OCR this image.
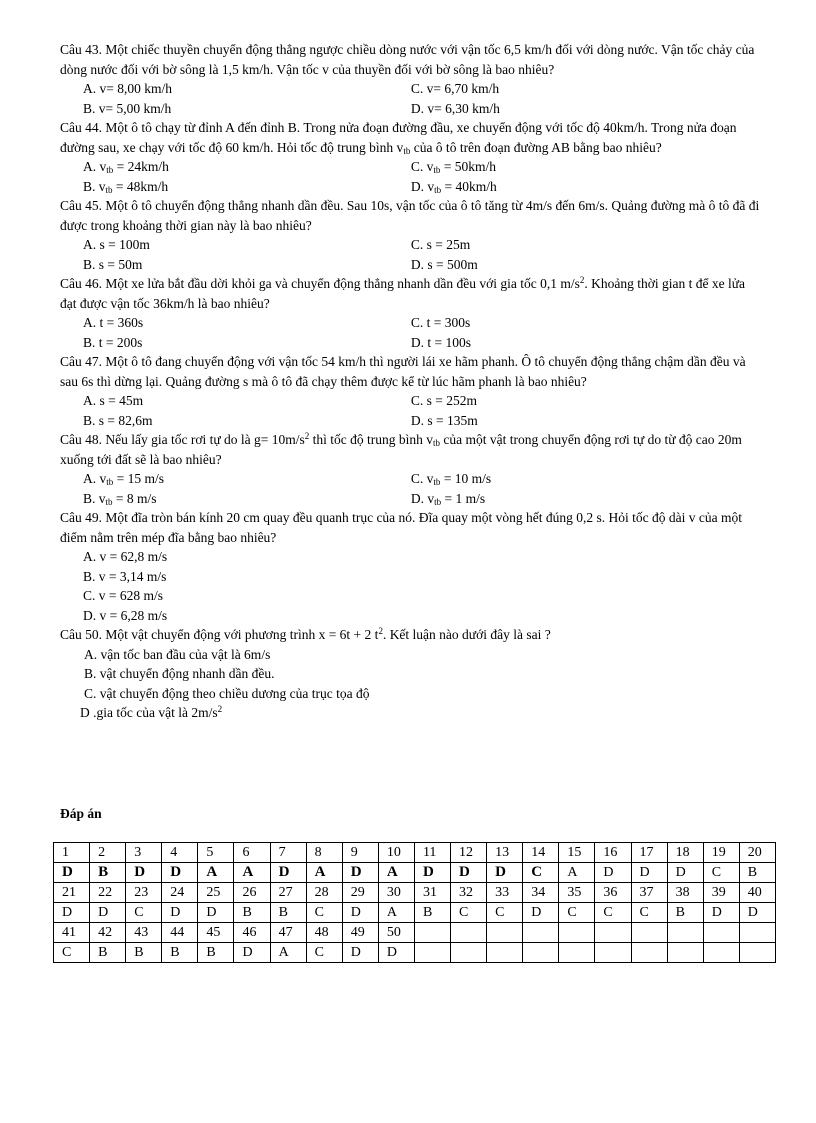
Câu 43. Một chiếc thuyền chuyển động thẳng ngược chiều dòng nước với vận tốc 6,5 km/h đối với dòng nước. Vận tốc chảy của dòng nước đối với bờ sông là 1,5 km/h. Vận tốc v của thuyền đối với bờ sông là bao nhiêu?
A. v= 8,00 km/h	C. v= 6,70 km/h
B. v= 5,00 km/h	D. v= 6,30 km/h
Câu 44. Một ô tô chạy từ đỉnh A đến đỉnh B. Trong nửa đoạn đường đầu, xe chuyển động với tốc độ 40km/h. Trong nửa đoạn đường sau, xe chạy với tốc độ 60 km/h. Hỏi tốc độ trung bình $v_{tb}$ của ô tô trên đoạn đường AB bằng bao nhiêu?
A. $v_{tb} = 24km/h$	C. $v_{tb} = 50km/h$
B. $v_{tb} = 48km/h$	D. $v_{tb} = 40km/h$
Câu 45. Một ô tô chuyển động thẳng nhanh dần đều. Sau 10s, vận tốc của ô tô tăng từ 4m/s đến 6m/s. Quảng đường mà ô tô đã đi được trong khoảng thời gian này là bao nhiêu?
A. s = 100m	C. s = 25m
B. s = 50m	D. s = 500m
Câu 46. Một xe lửa bắt đầu dời khỏi ga và chuyển động thẳng nhanh dần đều với gia tốc 0,1 $m/s^2$. Khoảng thời gian t để xe lửa đạt được vận tốc 36km/h là bao nhiêu?
A. t = 360s	C. t = 300s
B. t = 200s	D. t = 100s
Câu 47. Một ô tô đang chuyển động với vận tốc 54 km/h thì người lái xe hãm phanh. Ô tô chuyển động thẳng chậm dần đều và sau 6s thì dừng lại. Quảng đường s mà ô tô đã chạy thêm được kể từ lúc hãm phanh là bao nhiêu?
A. s = 45m	C. s = 252m
B. s = 82,6m	D. s = 135m
Câu 48. Nếu lấy gia tốc rơi tự do là $g= 10m/s^2$ thì tốc độ trung bình $v_{tb}$ của một vật trong chuyển động rơi tự do từ độ cao 20m xuống tới đất sẽ là bao nhiêu?
A. $v_{tb} = 15$ m/s	C. $v_{tb} = 10$ m/s
B. $v_{tb} = 8$ m/s	D. $v_{tb} = 1$ m/s
Câu 49. Một đĩa tròn bán kính 20 cm quay đều quanh trục của nó. Đĩa quay một vòng hết đúng 0,2 s. Hỏi tốc độ dài v của một điểm nằm trên mép đĩa bằng bao nhiêu?
A. v = 62,8 m/s
B. v = 3,14 m/s
C. v = 628 m/s
D. v = 6,28 m/s
Câu 50. Một vật chuyển động với phương trình x = 6t + 2 $t^2$. Kết luận nào dưới đây là sai ?
A. vận tốc ban đầu của vật là 6m/s
B. vật chuyển động nhanh dần đều.
C. vật chuyển động theo chiều dương của trục tọa độ
D .gia tốc của vật là $2m/s^2$
Đáp án
1	2	3	4	5	6	7	8	9	10	11	12	13	14	15	16	17	18	19	20
D	B	D	D	A	A	D	A	D	A	D	D	D	C	A	D	D	D	C	B
21	22	23	24	25	26	27	28	29	30	31	32	33	34	35	36	37	38	39	40
D	D	C	D	D	B	B	C	D	A	B	C	C	D	C	C	C	B	D	D
41	42	43	44	45	46	47	48	49	50										
C	B	B	B	B	D	A	C	D	D										
